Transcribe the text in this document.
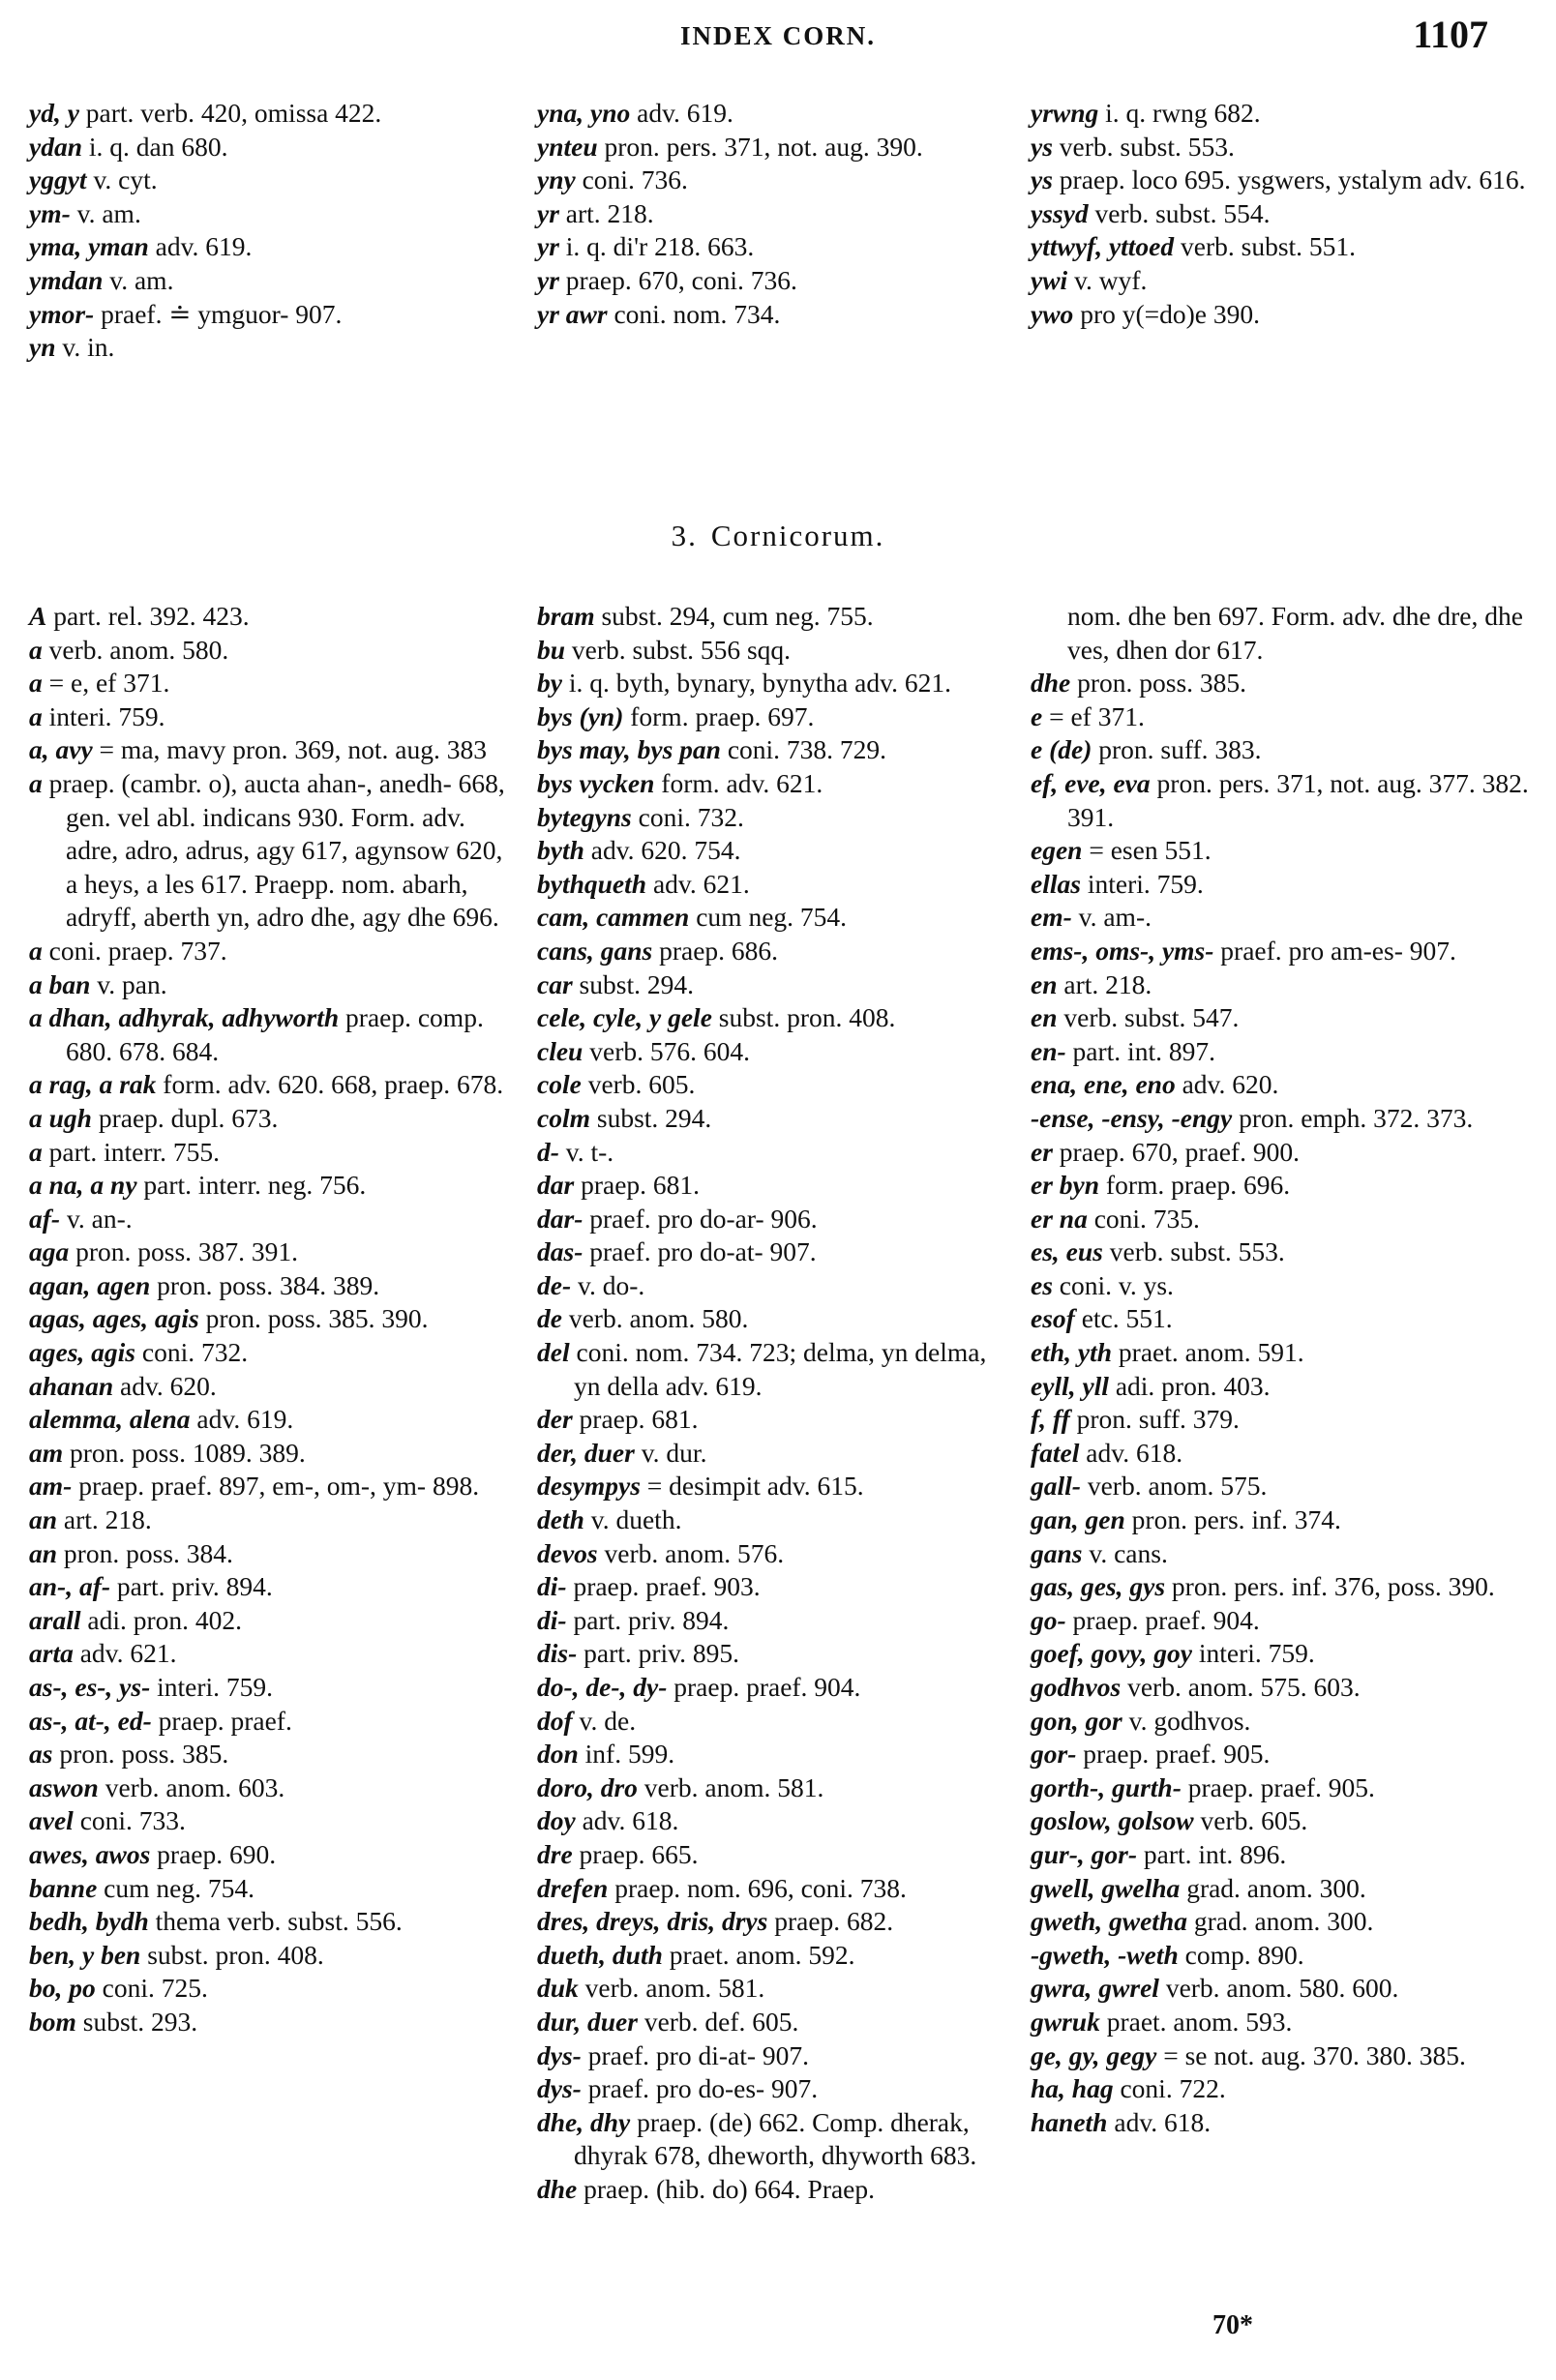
INDEX CORN.	1107
yd, y part. verb. 420, omissa 422.
ydan i. q. dan 680.
yggyt v. cyt.
ym- v. am.
yma, yman adv. 619.
ymdan v. am.
ymor- praef. ≐ ymguor- 907.
yn v. in.
yna, yno adv. 619.
ynteu pron. pers. 371, not. aug. 390.
yny coni. 736.
yr art. 218.
yr i. q. di'r 218. 663.
yr praep. 670, coni. 736.
yr awr coni. nom. 734.
yrwng i. q. rwng 682.
ys verb. subst. 553.
ys praep. loco 695. ysgwers, ystalym adv. 616.
yssyd verb. subst. 554.
yttwyf, yttoed verb. subst. 551.
ywi v. wyf.
ywo pro y(=do)e 390.
3. Cornicorum.
A part. rel. 392. 423.
a verb. anom. 580.
a = e, ef 371.
a interi. 759.
a, avy = ma, mavy pron. 369, not. aug. 383
a praep. (cambr. o), aucta ahan-, anedh- 668, gen. vel abl. indicans 930. Form. adv. adre, adro, adrus, agy 617, agynsow 620, a heys, a les 617. Praepp. nom. abarh, adryff, aberth yn, adro dhe, agy dhe 696.
a coni. praep. 737.
a ban v. pan.
a dhan, adhyrak, adhyworth praep. comp. 680. 678. 684.
a rag, a rak form. adv. 620. 668, praep. 678.
a ugh praep. dupl. 673.
a part. interr. 755.
a na, a ny part. interr. neg. 756.
af- v. an-.
aga pron. poss. 387. 391.
agan, agen pron. poss. 384. 389.
agas, ages, agis pron. poss. 385. 390.
ages, agis coni. 732.
ahanan adv. 620.
alemma, alena adv. 619.
am pron. poss. 1089. 389.
am- praep. praef. 897, em-, om-, ym- 898.
an art. 218.
an pron. poss. 384.
an-, af- part. priv. 894.
arall adi. pron. 402.
arta adv. 621.
as-, es-, ys- interi. 759.
as-, at-, ed- praep. praef.
as pron. poss. 385.
aswon verb. anom. 603.
avel coni. 733.
awes, awos praep. 690.
banne cum neg. 754.
bedh, bydh thema verb. subst. 556.
ben, y ben subst. pron. 408.
bo, po coni. 725.
bom subst. 293.
bram subst. 294, cum neg. 755.
bu verb. subst. 556 sqq.
by i. q. byth, bynary, bynytha adv. 621.
bys (yn) form. praep. 697.
bys may, bys pan coni. 738. 729.
bys vycken form. adv. 621.
bytegyns coni. 732.
byth adv. 620. 754.
bythqueth adv. 621.
cam, cammen cum neg. 754.
cans, gans praep. 686.
car subst. 294.
cele, cyle, y gele subst. pron. 408.
cleu verb. 576. 604.
cole verb. 605.
colm subst. 294.
d- v. t-.
dar praep. 681.
dar- praef. pro do-ar- 906.
das- praef. pro do-at- 907.
de- v. do-.
de verb. anom. 580.
del coni. nom. 734. 723; delma, yn delma, yn della adv. 619.
der praep. 681.
der, duer v. dur.
desympys = desimpit adv. 615.
deth v. dueth.
devos verb. anom. 576.
di- praep. praef. 903.
di- part. priv. 894.
dis- part. priv. 895.
do-, de-, dy- praep. praef. 904.
dof v. de.
don inf. 599.
doro, dro verb. anom. 581.
doy adv. 618.
dre praep. 665.
drefen praep. nom. 696, coni. 738.
dres, dreys, dris, drys praep. 682.
dueth, duth praet. anom. 592.
duk verb. anom. 581.
dur, duer verb. def. 605.
dys- praef. pro di-at- 907.
dys- praef. pro do-es- 907.
dhe, dhy praep. (de) 662. Comp. dherak, dhyrak 678, dheworth, dhyworth 683.
dhe praep. (hib. do) 664. Praep.
nom. dhe ben 697. Form. adv. dhe dre, dhe ves, dhen dor 617.
dhe pron. poss. 385.
e = ef 371.
e (de) pron. suff. 383.
ef, eve, eva pron. pers. 371, not. aug. 377. 382. 391.
egen = esen 551.
ellas interi. 759.
em- v. am-.
ems-, oms-, yms- praef. pro am-es- 907.
en art. 218.
en verb. subst. 547.
en- part. int. 897.
ena, ene, eno adv. 620.
-ense, -ensy, -engy pron. emph. 372. 373.
er praep. 670, praef. 900.
er byn form. praep. 696.
er na coni. 735.
es, eus verb. subst. 553.
es coni. v. ys.
esof etc. 551.
eth, yth praet. anom. 591.
eyll, yll adi. pron. 403.
f, ff pron. suff. 379.
fatel adv. 618.
gall- verb. anom. 575.
gan, gen pron. pers. inf. 374.
gans v. cans.
gas, ges, gys pron. pers. inf. 376, poss. 390.
go- praep. praef. 904.
goef, govy, goy interi. 759.
godhvos verb. anom. 575. 603.
gon, gor v. godhvos.
gor- praep. praef. 905.
gorth-, gurth- praep. praef. 905.
goslow, golsow verb. 605.
gur-, gor- part. int. 896.
gwell, gwelha grad. anom. 300.
gweth, gwetha grad. anom. 300.
-gweth, -weth comp. 890.
gwra, gwrel verb. anom. 580. 600.
gwruk praet. anom. 593.
ge, gy, gegy = se not. aug. 370. 380. 385.
ha, hag coni. 722.
haneth adv. 618.
70*
